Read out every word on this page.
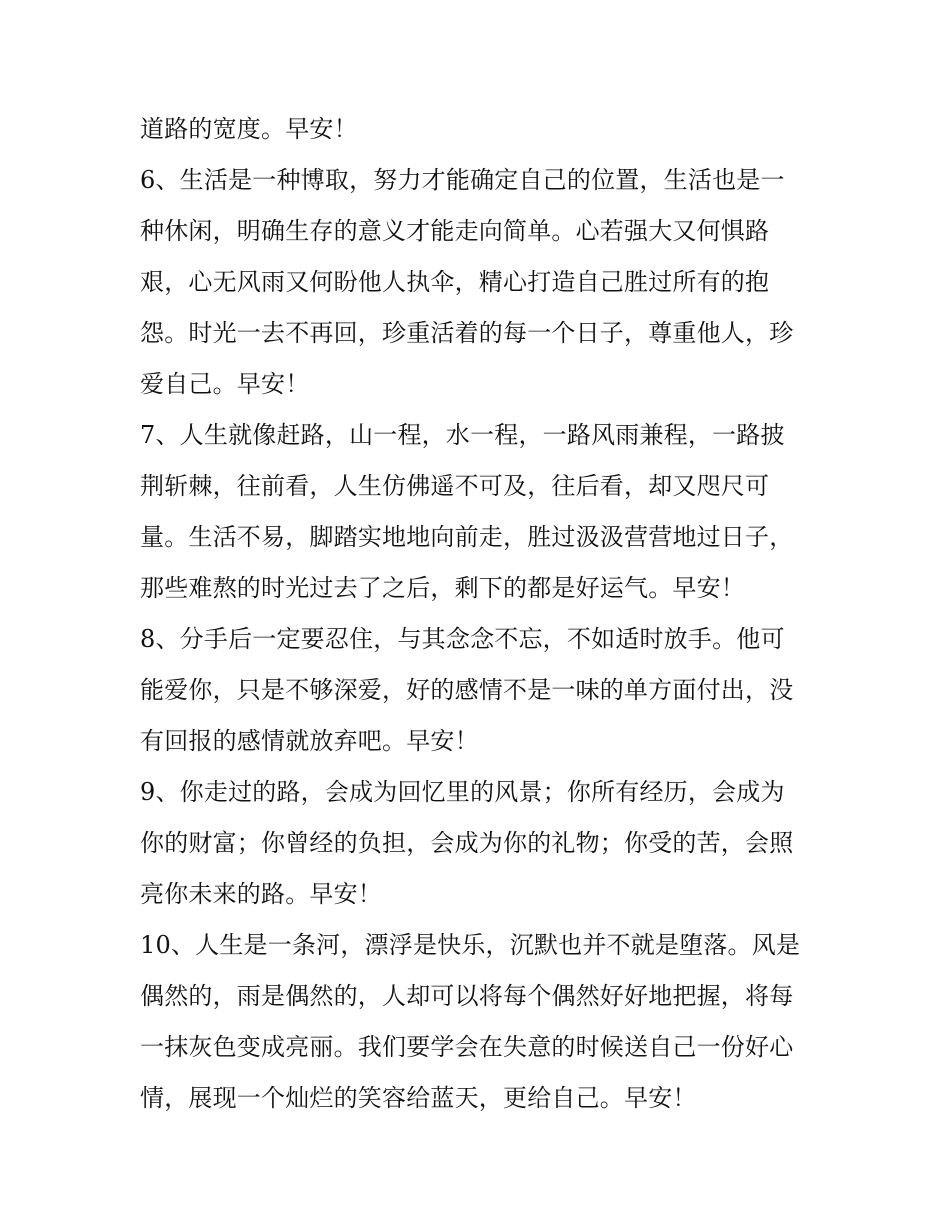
道路的宽度。早安！
6、生活是一种博取，努力才能确定自己的位置，生活也是一
种休闲，明确生存的意义才能走向简单。心若强大又何惧路
艰，心无风雨又何盼他人执伞，精心打造自己胜过所有的抱
怨。时光一去不再回，珍重活着的每一个日子，尊重他人，珍
爱自己。早安！
7、人生就像赶路，山一程，水一程，一路风雨兼程，一路披
荆斩棘，往前看，人生仿佛遥不可及，往后看，却又咫尺可
量。生活不易，脚踏实地地向前走，胜过汲汲营营地过日子，
那些难熬的时光过去了之后，剩下的都是好运气。早安！
8、分手后一定要忍住，与其念念不忘，不如适时放手。他可
能爱你，只是不够深爱，好的感情不是一味的单方面付出，没
有回报的感情就放弃吧。早安！
9、你走过的路，会成为回忆里的风景；你所有经历，会成为
你的财富；你曾经的负担，会成为你的礼物；你受的苦，会照
亮你未来的路。早安！
10、人生是一条河，漂浮是快乐，沉默也并不就是堕落。风是
偶然的，雨是偶然的，人却可以将每个偶然好好地把握，将每
一抹灰色变成亮丽。我们要学会在失意的时候送自己一份好心
情，展现一个灿烂的笑容给蓝天，更给自己。早安！
